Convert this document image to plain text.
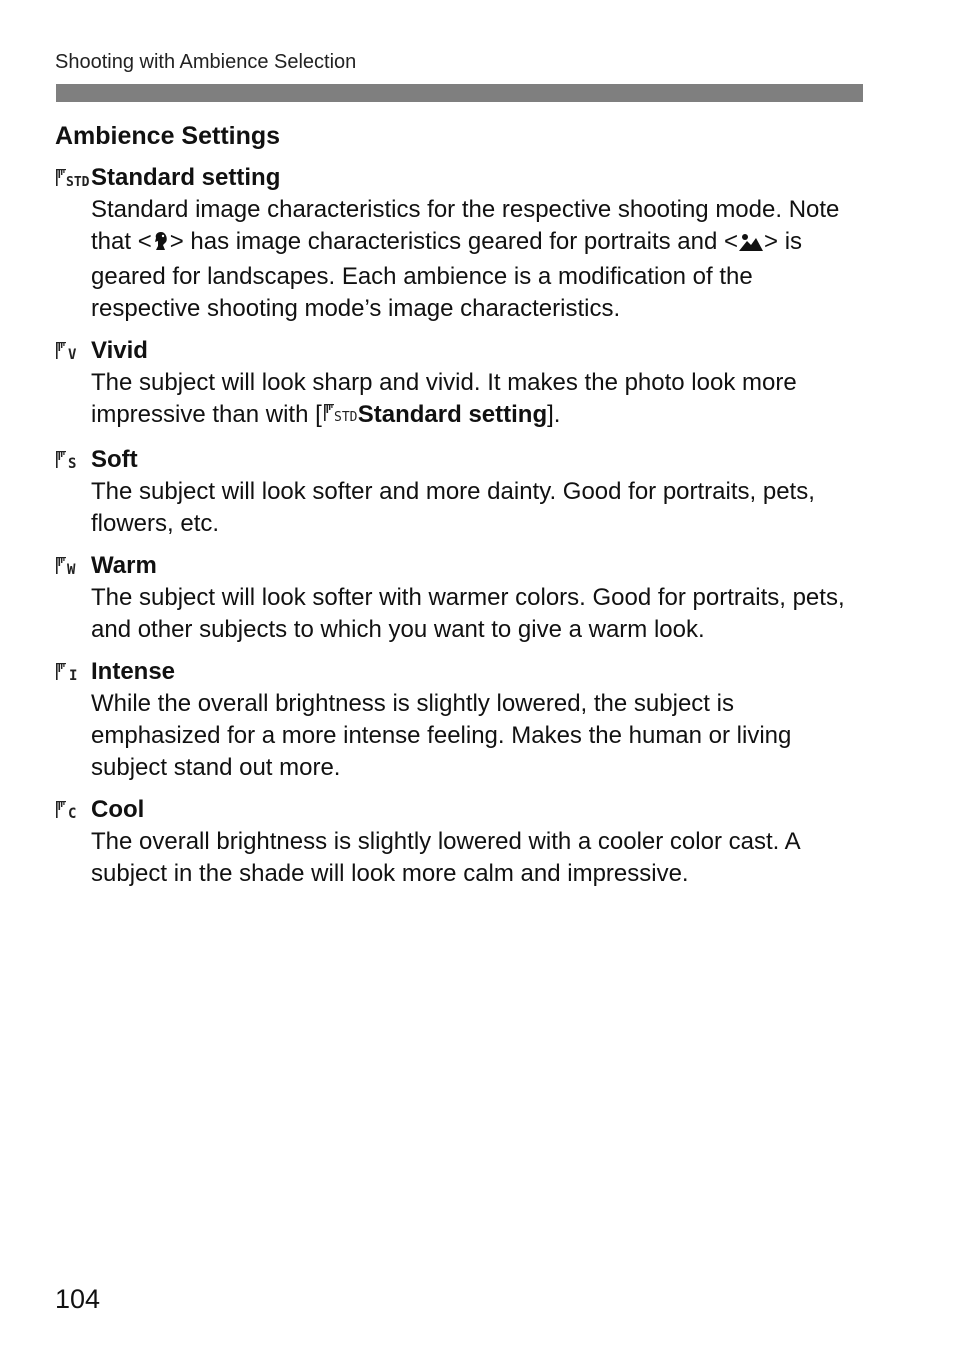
Shooting with Ambience Selection
Ambience Settings
STD Standard setting
Standard image characteristics for the respective shooting mode. Note that < > has image characteristics geared for portraits and < > is geared for landscapes. Each ambience is a modification of the respective shooting mode’s image characteristics.
V Vivid
The subject will look sharp and vivid. It makes the photo look more impressive than with [ STD Standard setting].
S Soft
The subject will look softer and more dainty. Good for portraits, pets, flowers, etc.
W Warm
The subject will look softer with warmer colors. Good for portraits, pets, and other subjects to which you want to give a warm look.
I Intense
While the overall brightness is slightly lowered, the subject is emphasized for a more intense feeling. Makes the human or living subject stand out more.
C Cool
The overall brightness is slightly lowered with a cooler color cast. A subject in the shade will look more calm and impressive.
104
